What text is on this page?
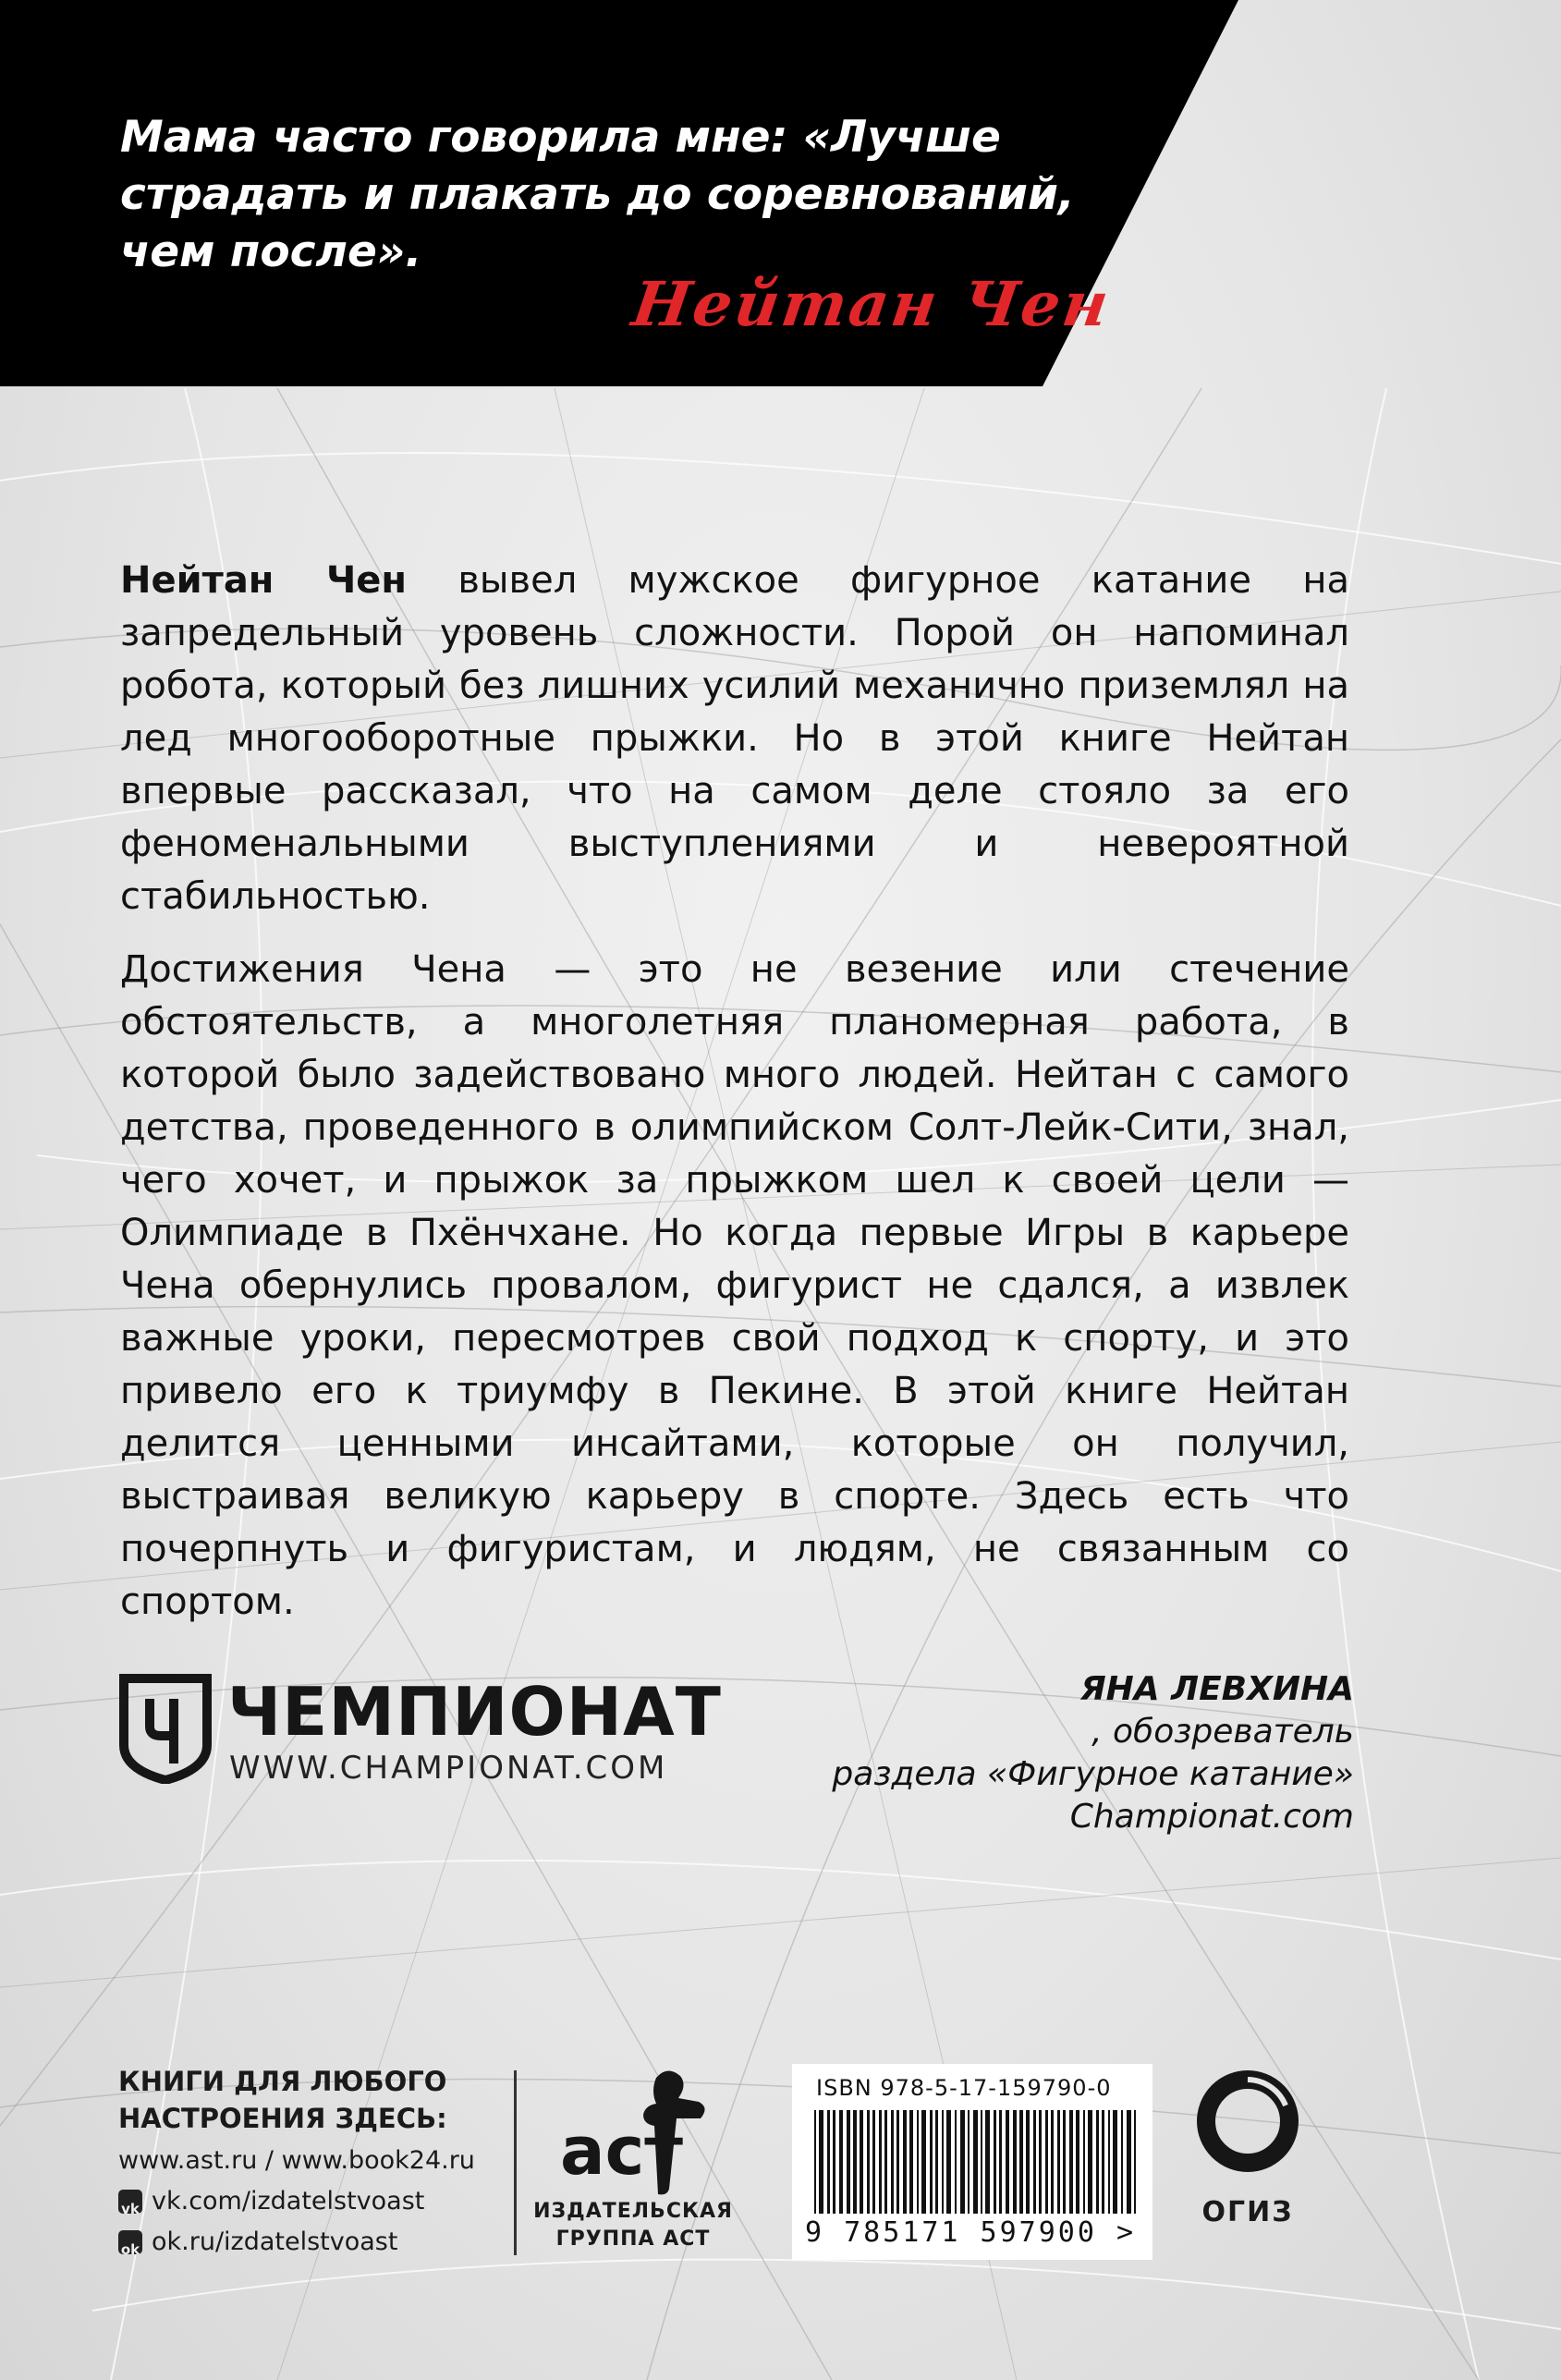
Мама часто говорила мне: «Лучше
страдать и плакать до соревнований,
чем после».
Нейтан Чен

Нейтан Чен вывел мужское фигурное катание на запредельный уровень сложности. Порой он напоминал робота, который без лишних усилий механично приземлял на лед многооборотные прыжки. Но в этой книге Нейтан впервые рассказал, что на самом деле стояло за его феноменальными выступлениями и невероятной стабильностью.

Достижения Чена — это не везение или стечение обстоятельств, а многолетняя планомерная работа, в которой было задействовано много людей. Нейтан с самого детства, проведенного в олимпийском Солт-Лейк-Сити, знал, чего хочет, и прыжок за прыжком шел к своей цели — Олимпиаде в Пхёнчхане. Но когда первые Игры в карьере Чена обернулись провалом, фигурист не сдался, а извлек важные уроки, пересмотрев свой подход к спорту, и это привело его к триумфу в Пекине. В этой книге Нейтан делится ценными инсайтами, которые он получил, выстраивая великую карьеру в спорте. Здесь есть что почерпнуть и фигуристам, и людям, не связанным со спортом.

ЧЕМПИОНАТ
WWW.CHAMPIONAT.COM
ЯНА ЛЕВХИНА
, обозреватель
раздела «Фигурное катание»
Championat.com
КНИГИ ДЛЯ ЛЮБОГО
НАСТРОЕНИЯ ЗДЕСЬ:
www.ast.ru / www.book24.ru
vk vk.com/izdatelstvoast
ok ok.ru/izdatelstvoast
аст
ИЗДАТЕЛЬСКАЯ
ГРУППА АСТ
ISBN 978-5-17-159790-0
9 785171 597900 >
ОГИЗ
